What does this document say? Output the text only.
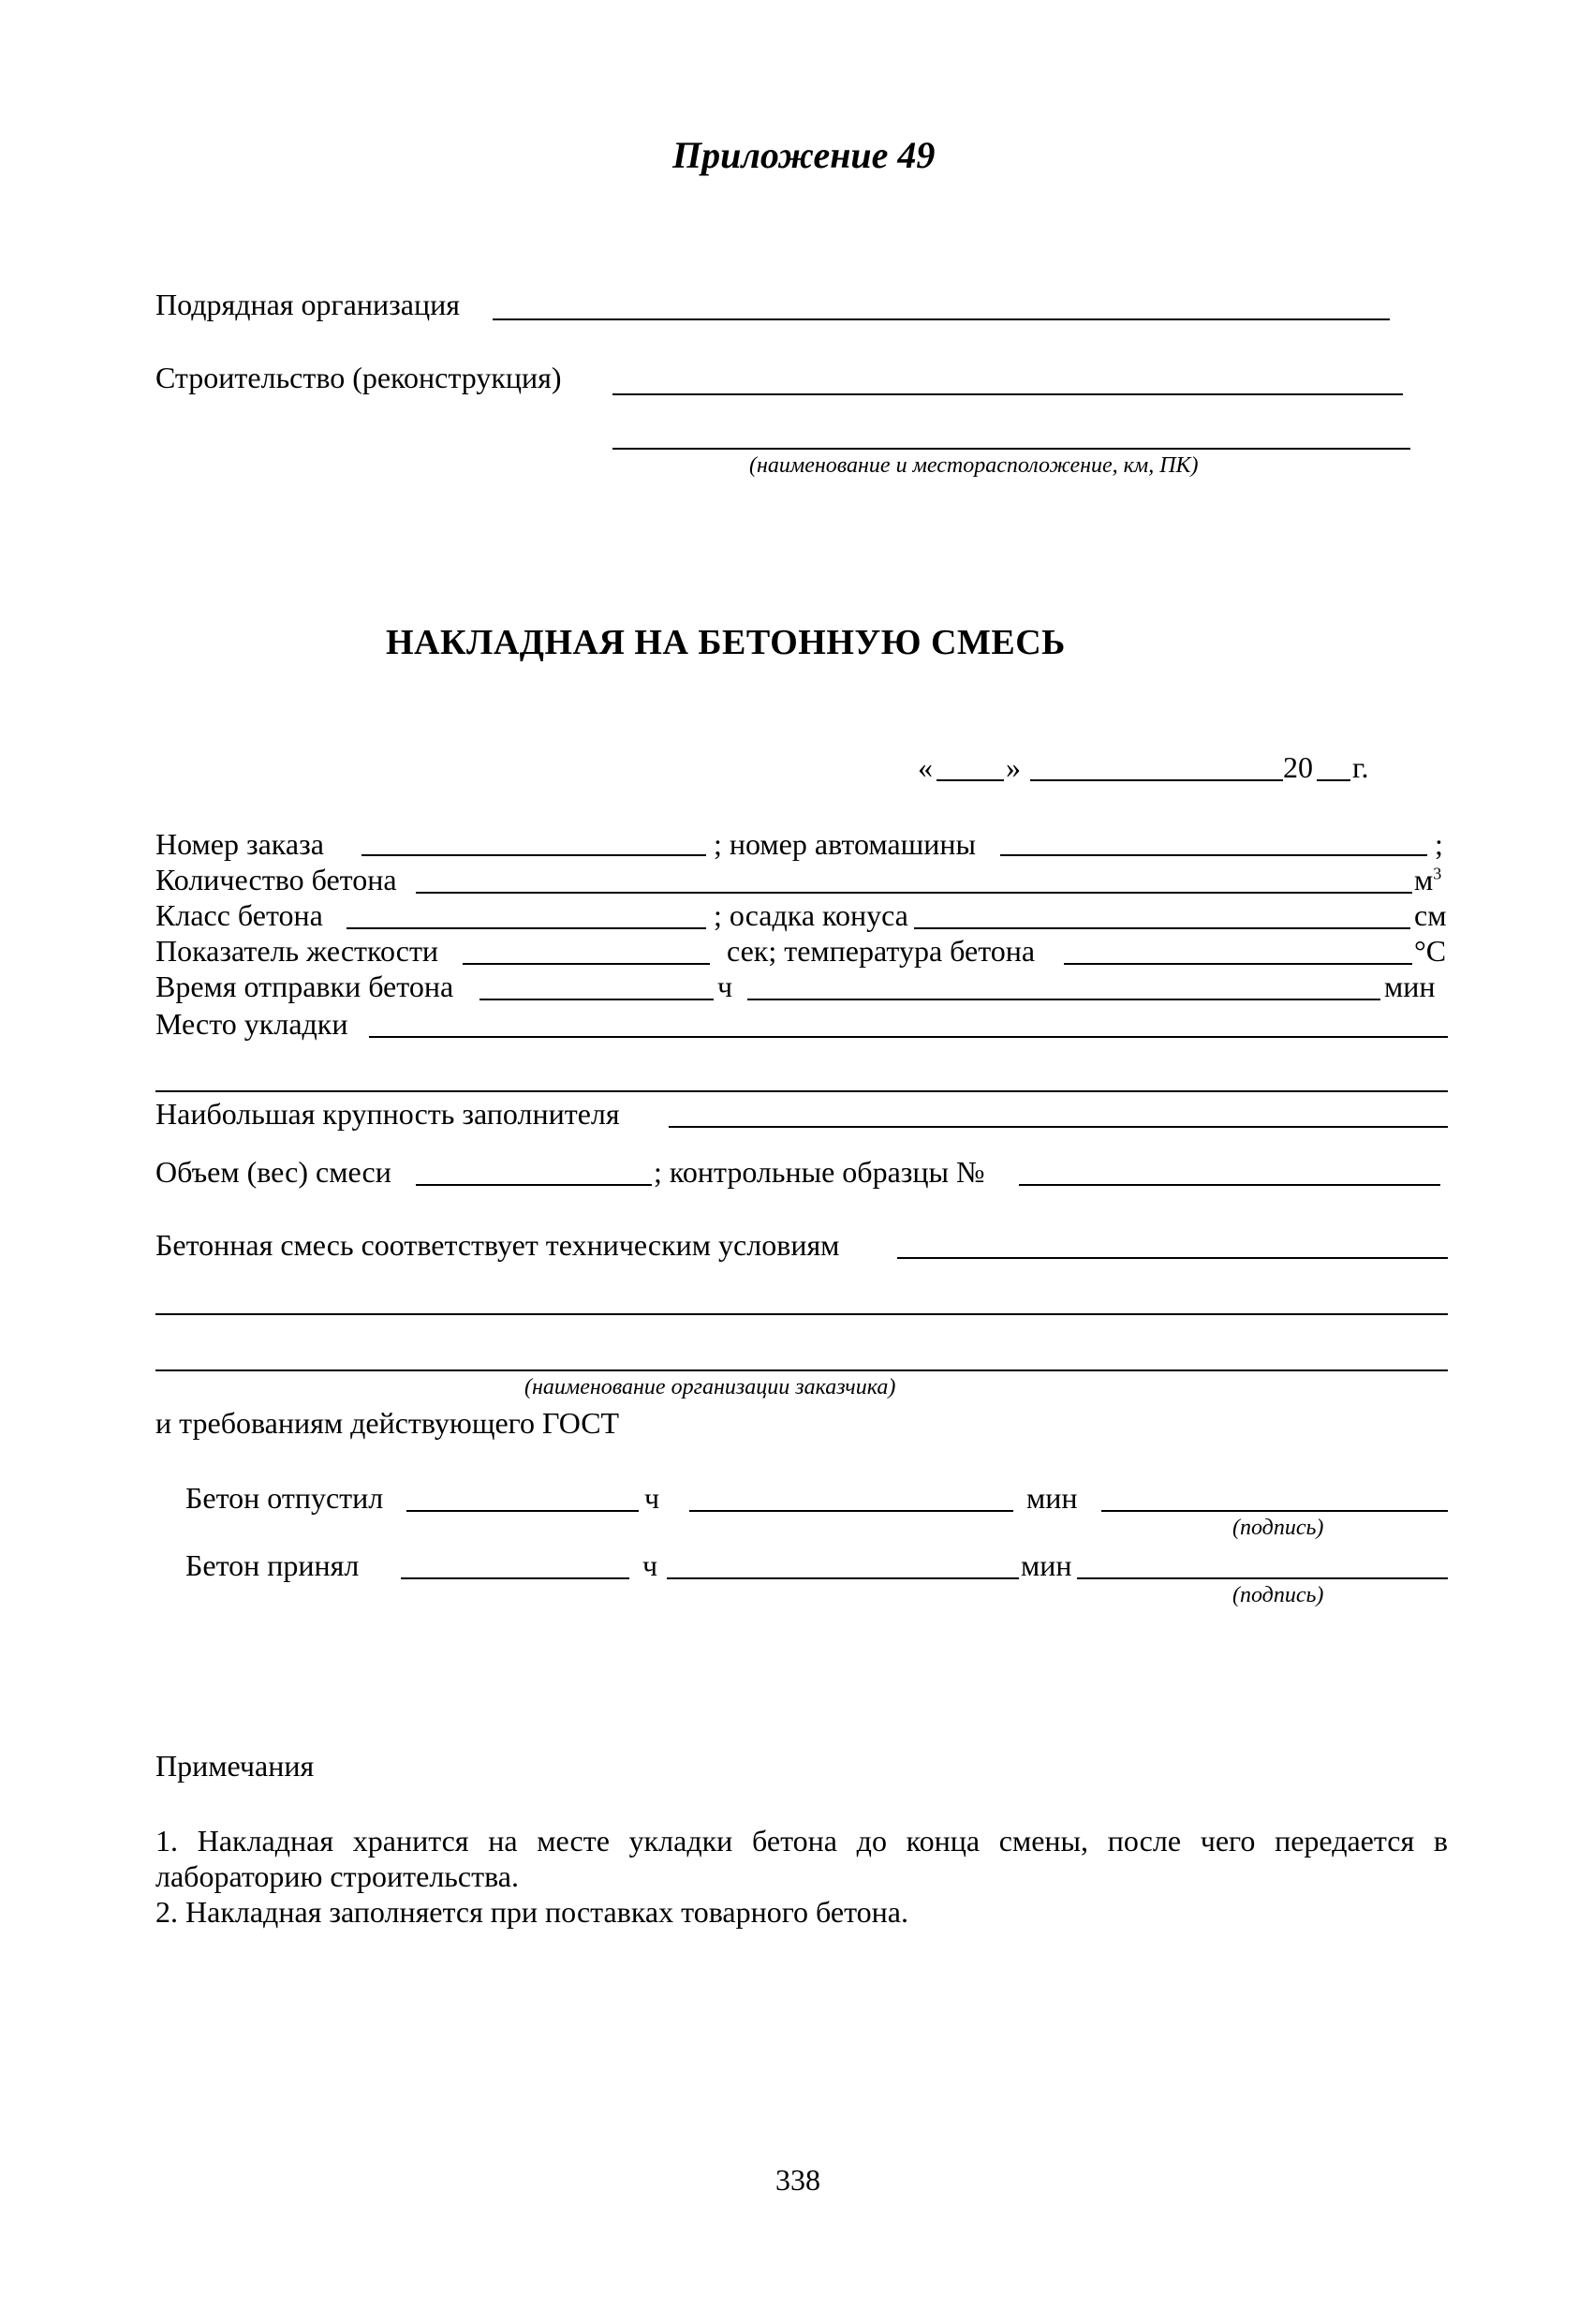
Приложение 49
Подрядная организация
Строительство (реконструкция)
(наименование и месторасположение, км, ПК)
НАКЛАДНАЯ НА БЕТОННУЮ СМЕСЬ
« »	20 г.
Номер заказа	; номер автомашины	;
Количество бетона	$м^3$
Класс бетона	; осадка конуса	см
Показатель жесткости	сек; температура бетона	°С
Время отправки бетона	ч	мин
Место укладки
Наибольшая крупность заполнителя
Объем (вес) смеси	; контрольные образцы №
Бетонная смесь соответствует техническим условиям
(наименование организации заказчика)
и требованиям действующего ГОСТ
Бетон отпустил	ч	мин
(подпись)
Бетон принял	ч	мин
(подпись)
Примечания
1. Накладная хранится на месте укладки бетона до конца смены, после чего передается в
лабораторию строительства.
2. Накладная заполняется при поставках товарного бетона.
338
